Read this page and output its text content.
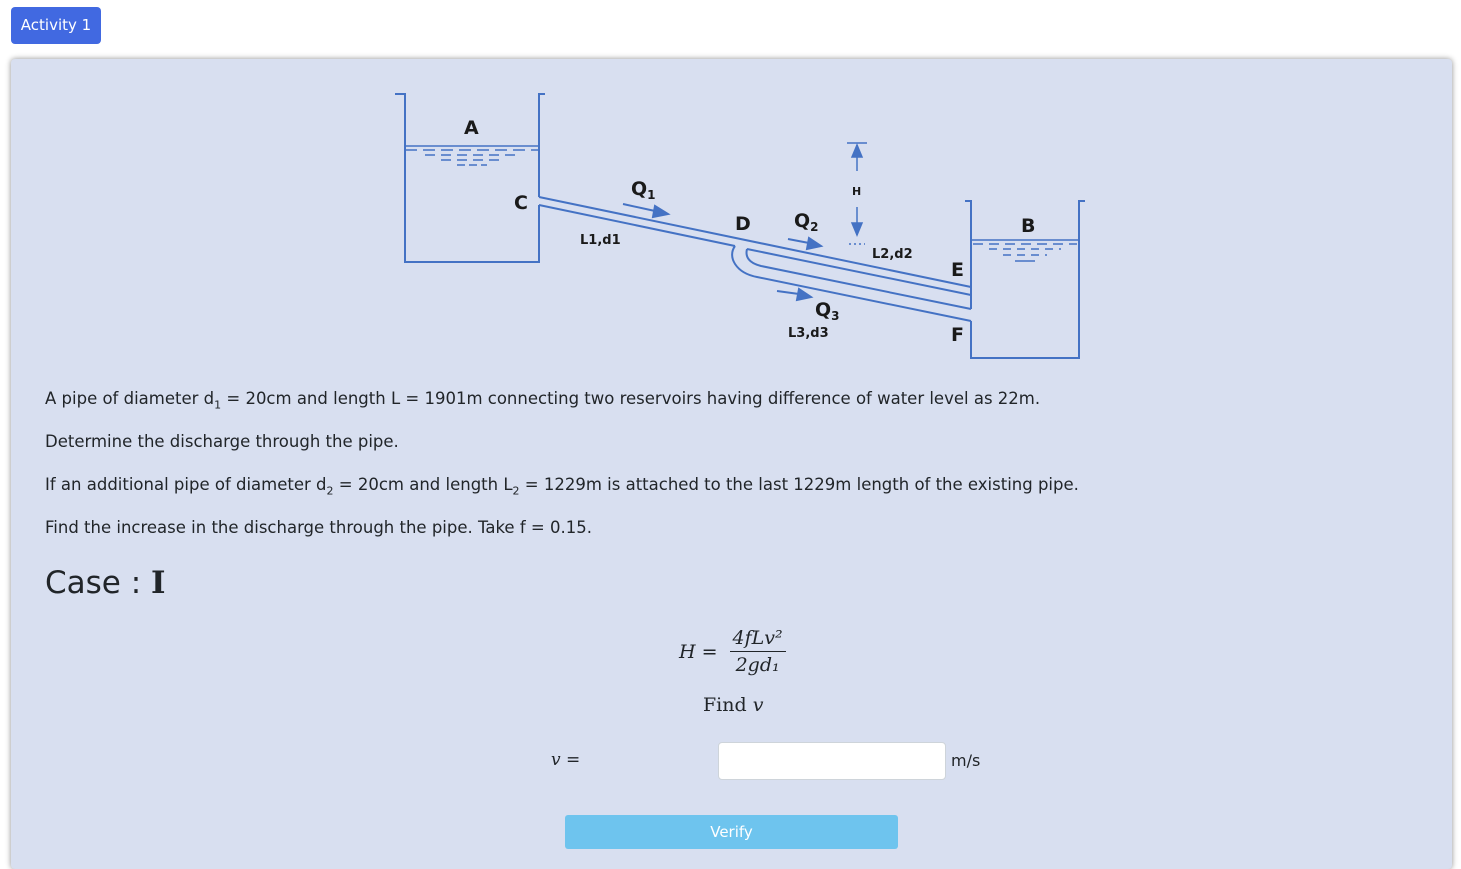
Activity 1
A
C
D
E
F
B
H
$Q_1$
$Q_2$
$Q_3$
L1,d1
L2,d2
L3,d3

A pipe of diameter $d_1 = 20cm$ and length L = 1901m connecting two reservoirs having difference of water level as 22m.

Determine the discharge through the pipe.

If an additional pipe of diameter $d_2 = 20cm$ and length $L_2 = 1229m$ is attached to the last 1229m length of the existing pipe.

Find the increase in the discharge through the pipe. Take f = 0.15.

Case : I
$H = \frac{\text{4fLv²}}{\text{2gd₁}}$
Find v
v =	m/s
Verify
